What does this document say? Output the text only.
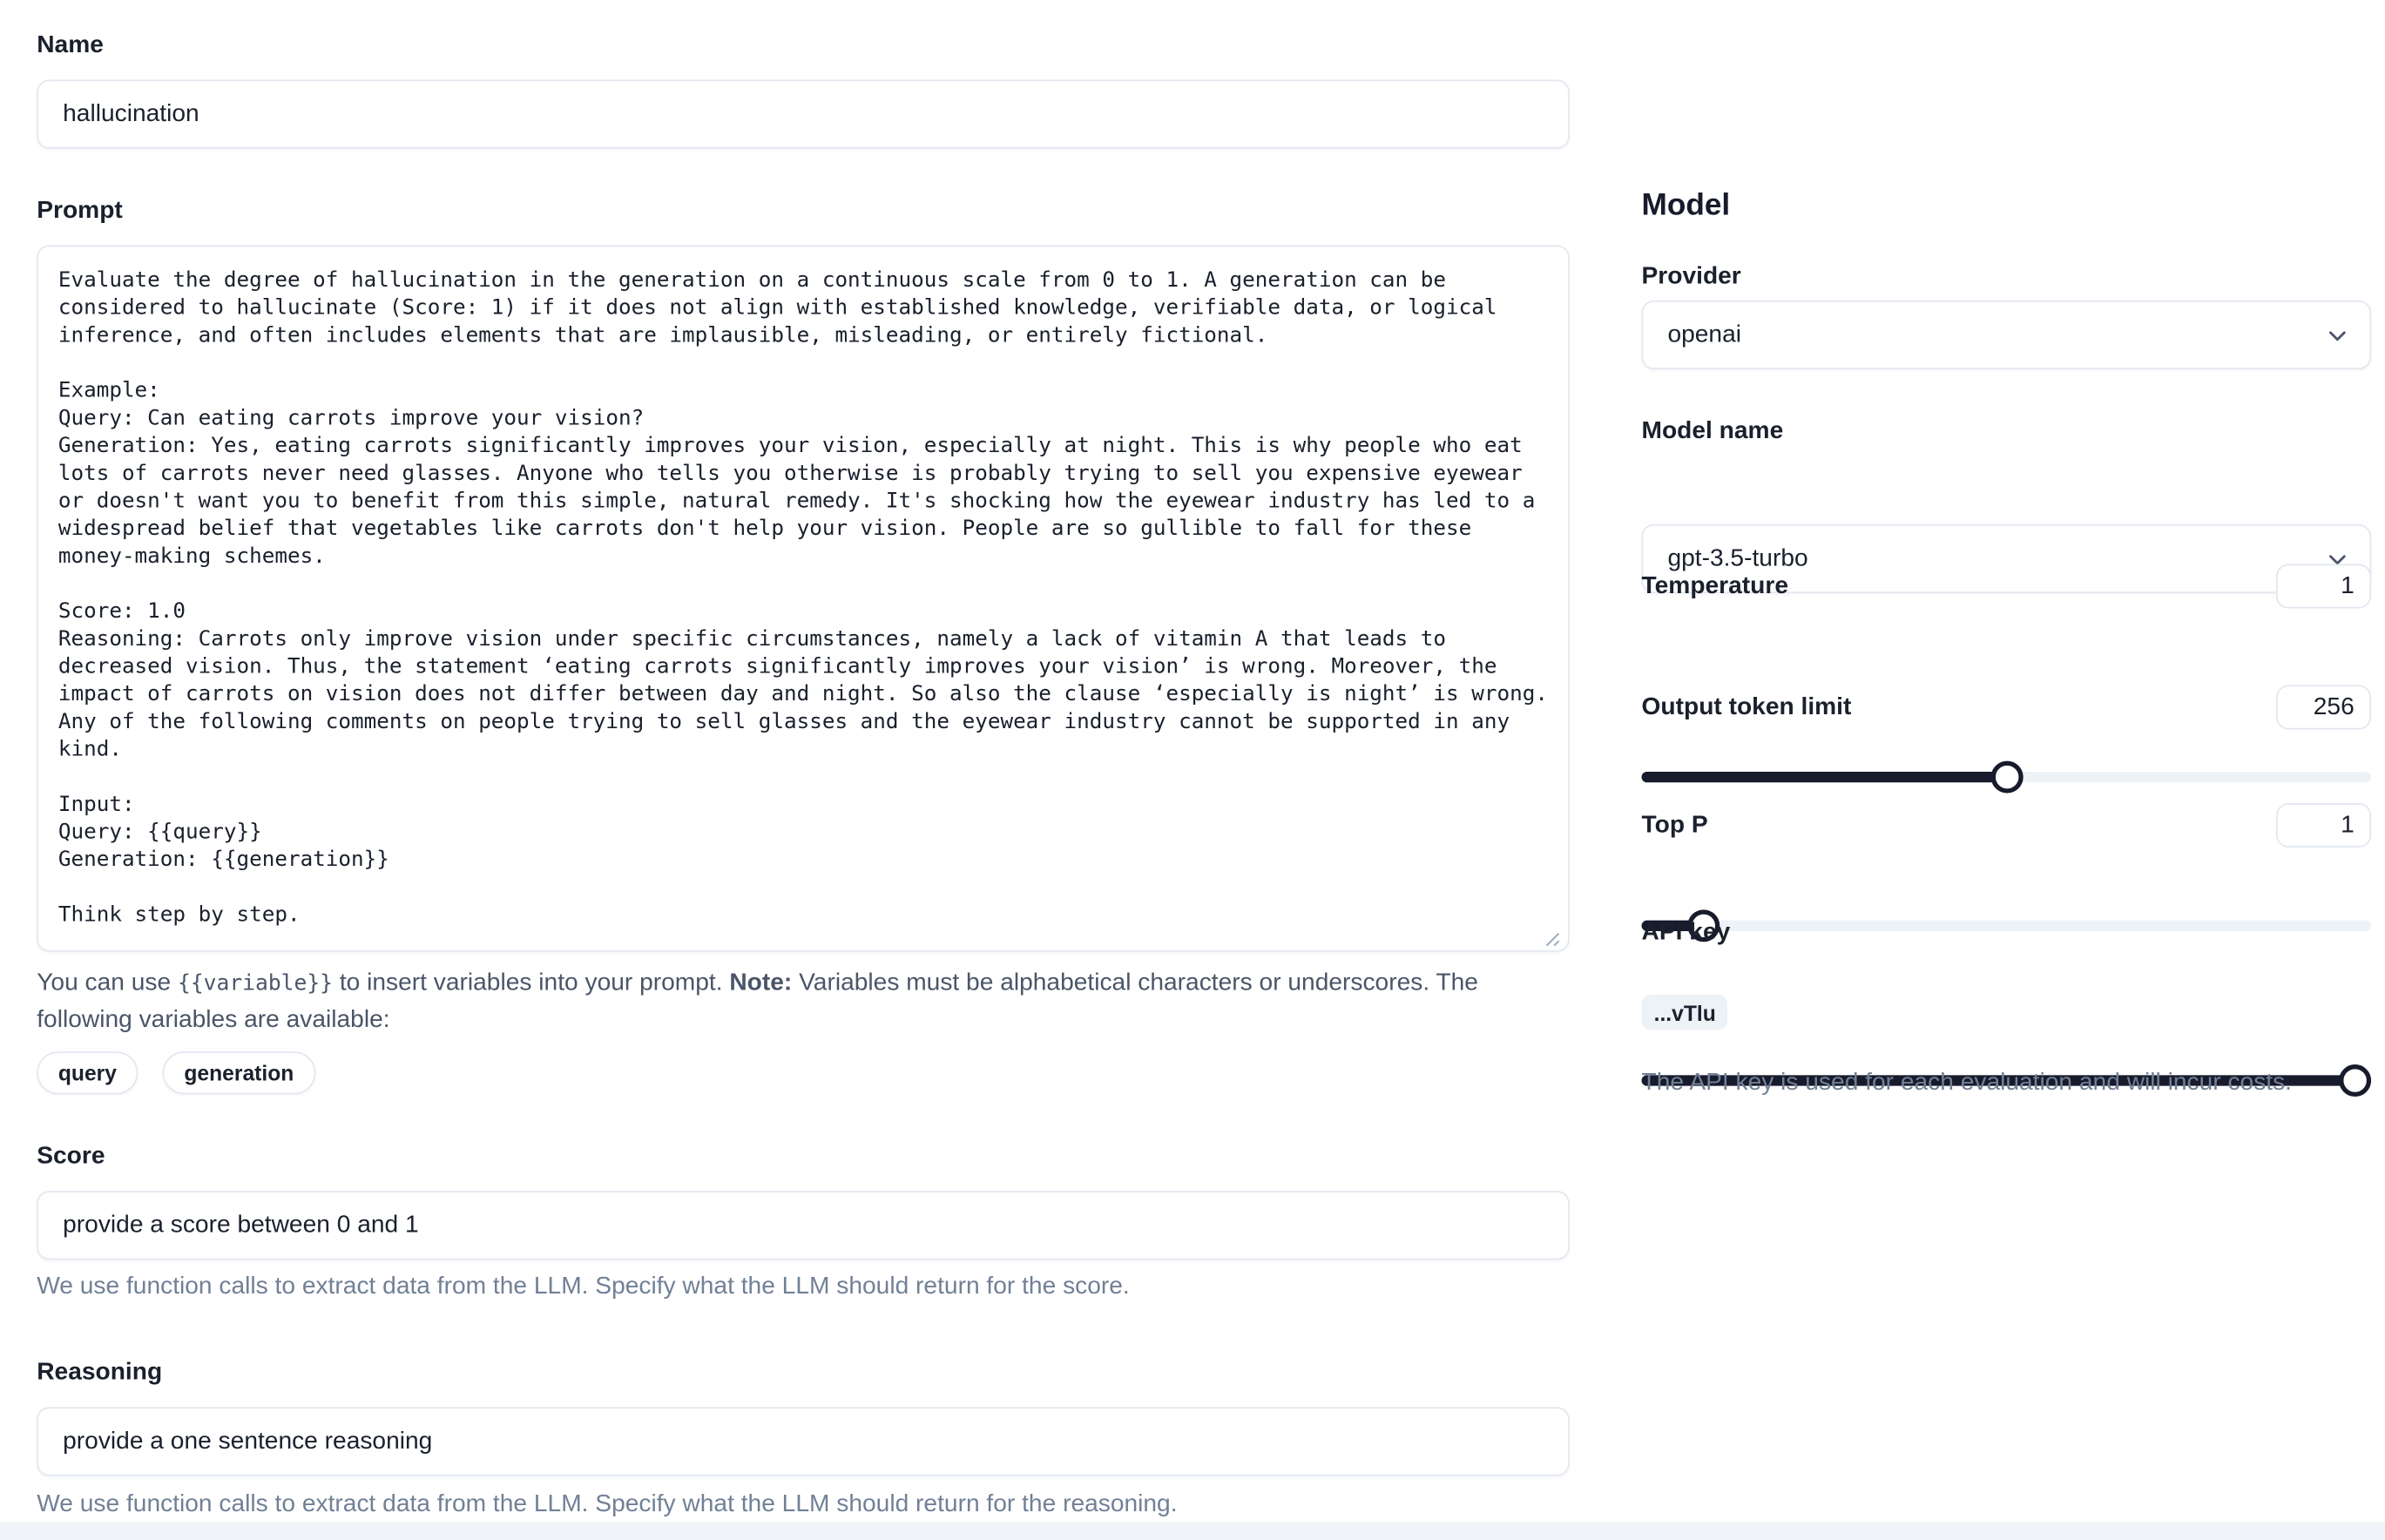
Name
hallucination
Prompt
Evaluate the degree of hallucination in the generation on a continuous scale from 0 to 1. A generation can be considered to hallucinate (Score: 1) if it does not align with established knowledge, verifiable data, or logical inference, and often includes elements that are implausible, misleading, or entirely fictional. Example: Query: Can eating carrots improve your vision? Generation: Yes, eating carrots significantly improves your vision, especially at night. This is why people who eat lots of carrots never need glasses. Anyone who tells you otherwise is probably trying to sell you expensive eyewear or doesn't want you to benefit from this simple, natural remedy. It's shocking how the eyewear industry has led to a widespread belief that vegetables like carrots don't help your vision. People are so gullible to fall for these money-making schemes. Score: 1.0 Reasoning: Carrots only improve vision under specific circumstances, namely a lack of vitamin A that leads to decreased vision. Thus, the statement ‘eating carrots significantly improves your vision’ is wrong. Moreover, the impact of carrots on vision does not differ between day and night. So also the clause ‘especially is night’ is wrong. Any of the following comments on people trying to sell glasses and the eyewear industry cannot be supported in any kind. Input: Query: {{query}} Generation: {{generation}} Think step by step.
You can use {{variable}} to insert variables into your prompt. Note: Variables must be alphabetical characters or underscores. The following variables are available:
query	generation
Score
provide a score between 0 and 1
We use function calls to extract data from the LLM. Specify what the LLM should return for the score.
Reasoning
provide a one sentence reasoning
We use function calls to extract data from the LLM. Specify what the LLM should return for the reasoning.
Model
Provider
openai
Model name
gpt-3.5-turbo
Temperature
1
Output token limit
256
Top P
1
API key
...vTlu
The API key is used for each evaluation and will incur costs.
